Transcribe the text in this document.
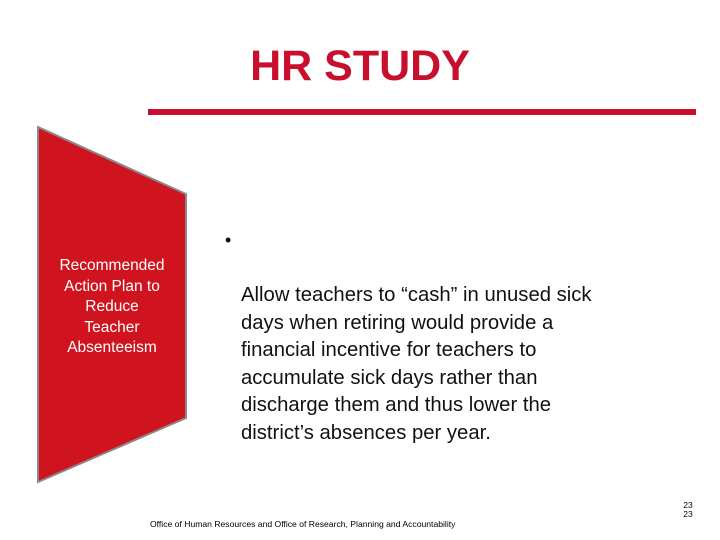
HR STUDY
Recommended
Action Plan to
Reduce
Teacher
Absenteeism

•

Allow teachers to “cash” in unused sick
days when retiring would provide a
financial incentive for teachers to
accumulate sick days rather than
discharge them and thus lower the
district’s absences per year.

Office of Human Resources and Office of Research, Planning and Accountability
23
23
